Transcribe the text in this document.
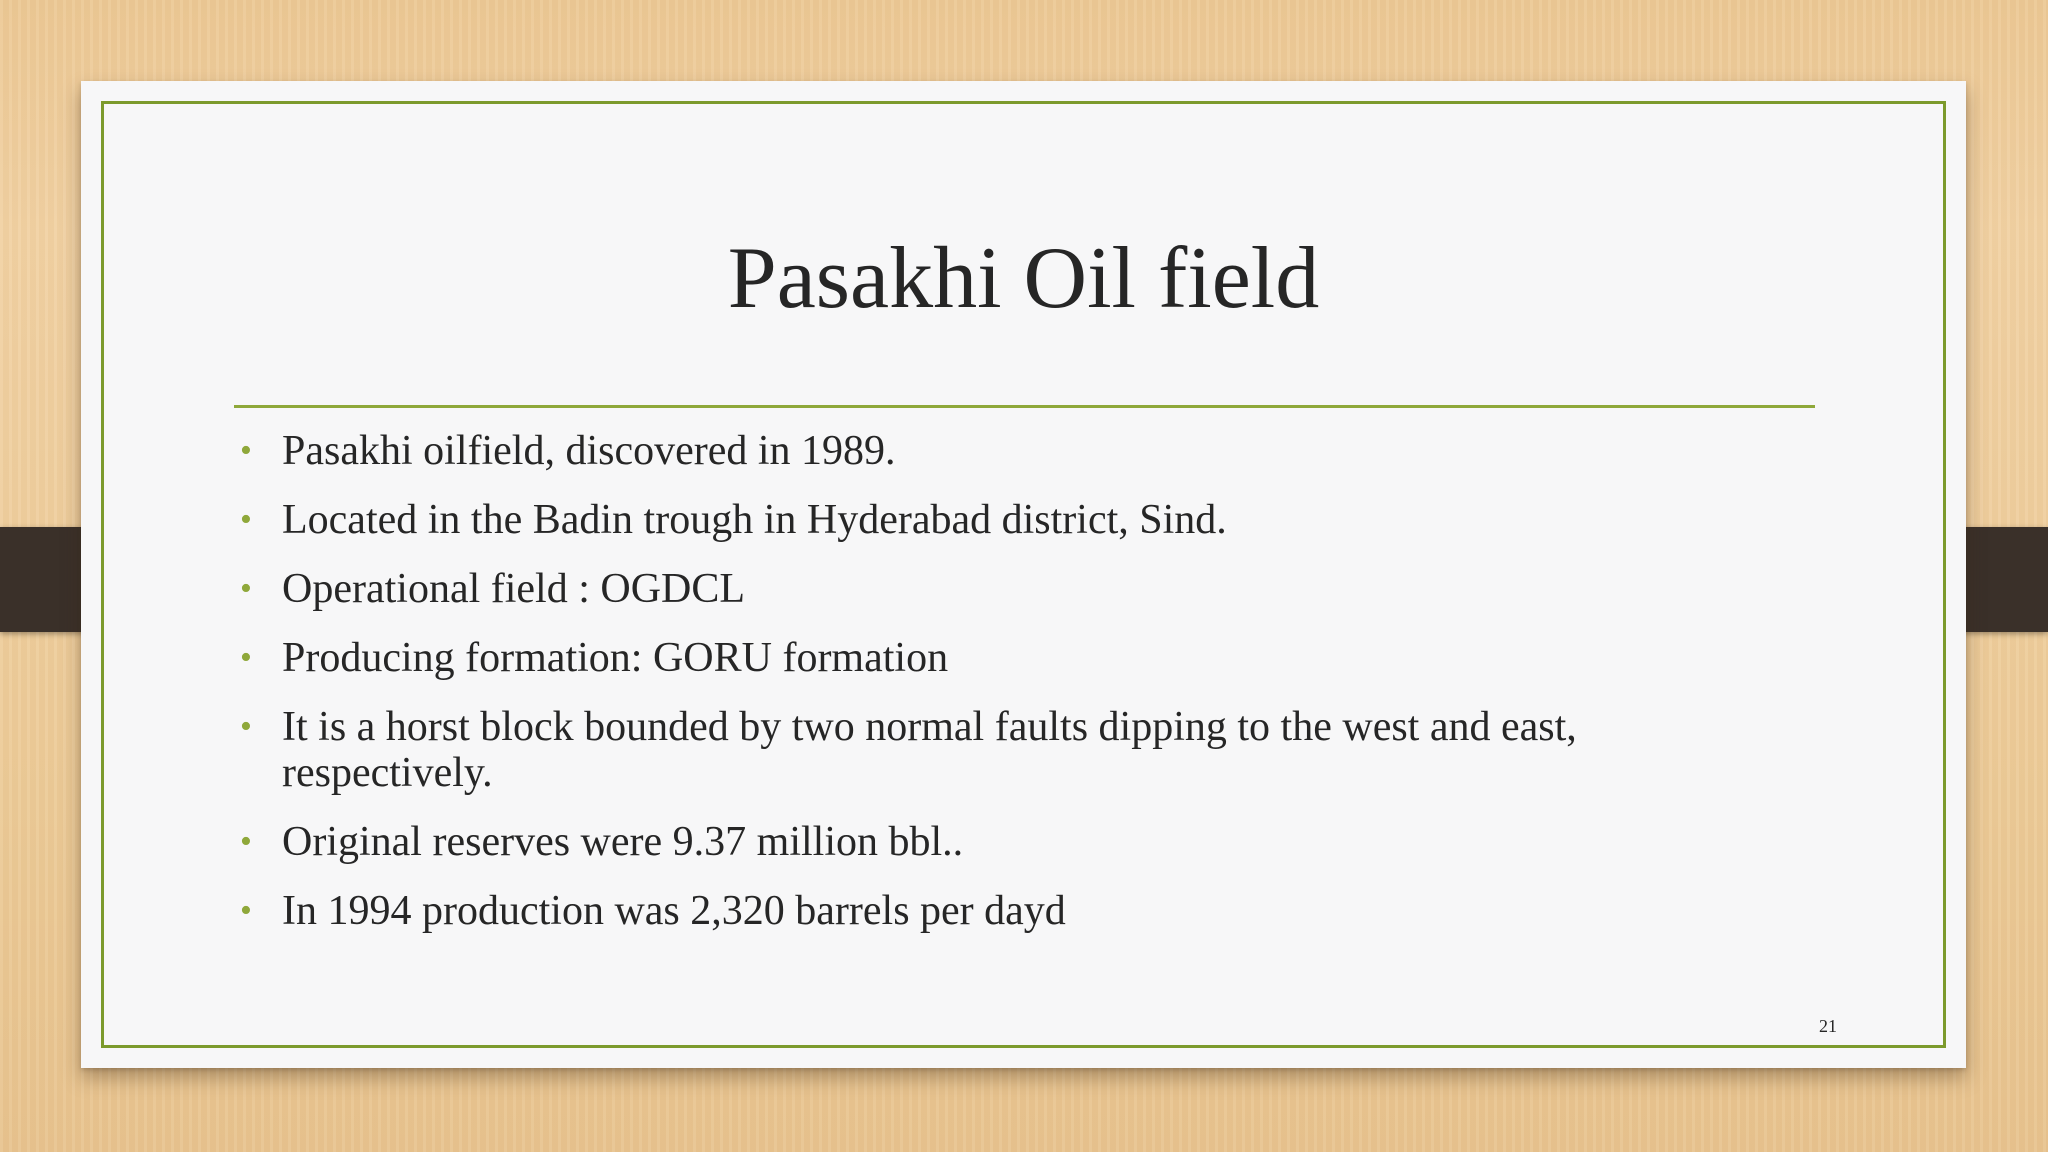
Pasakhi Oil field
• Pasakhi oilfield, discovered in 1989.
• Located in the Badin trough in Hyderabad district, Sind.
• Operational field : OGDCL
• Producing formation: GORU formation
• It is a horst block bounded by two normal faults dipping to the west and east, respectively.
• Original reserves were 9.37 million bbl..
• In 1994 production was 2,320 barrels per dayd
21
